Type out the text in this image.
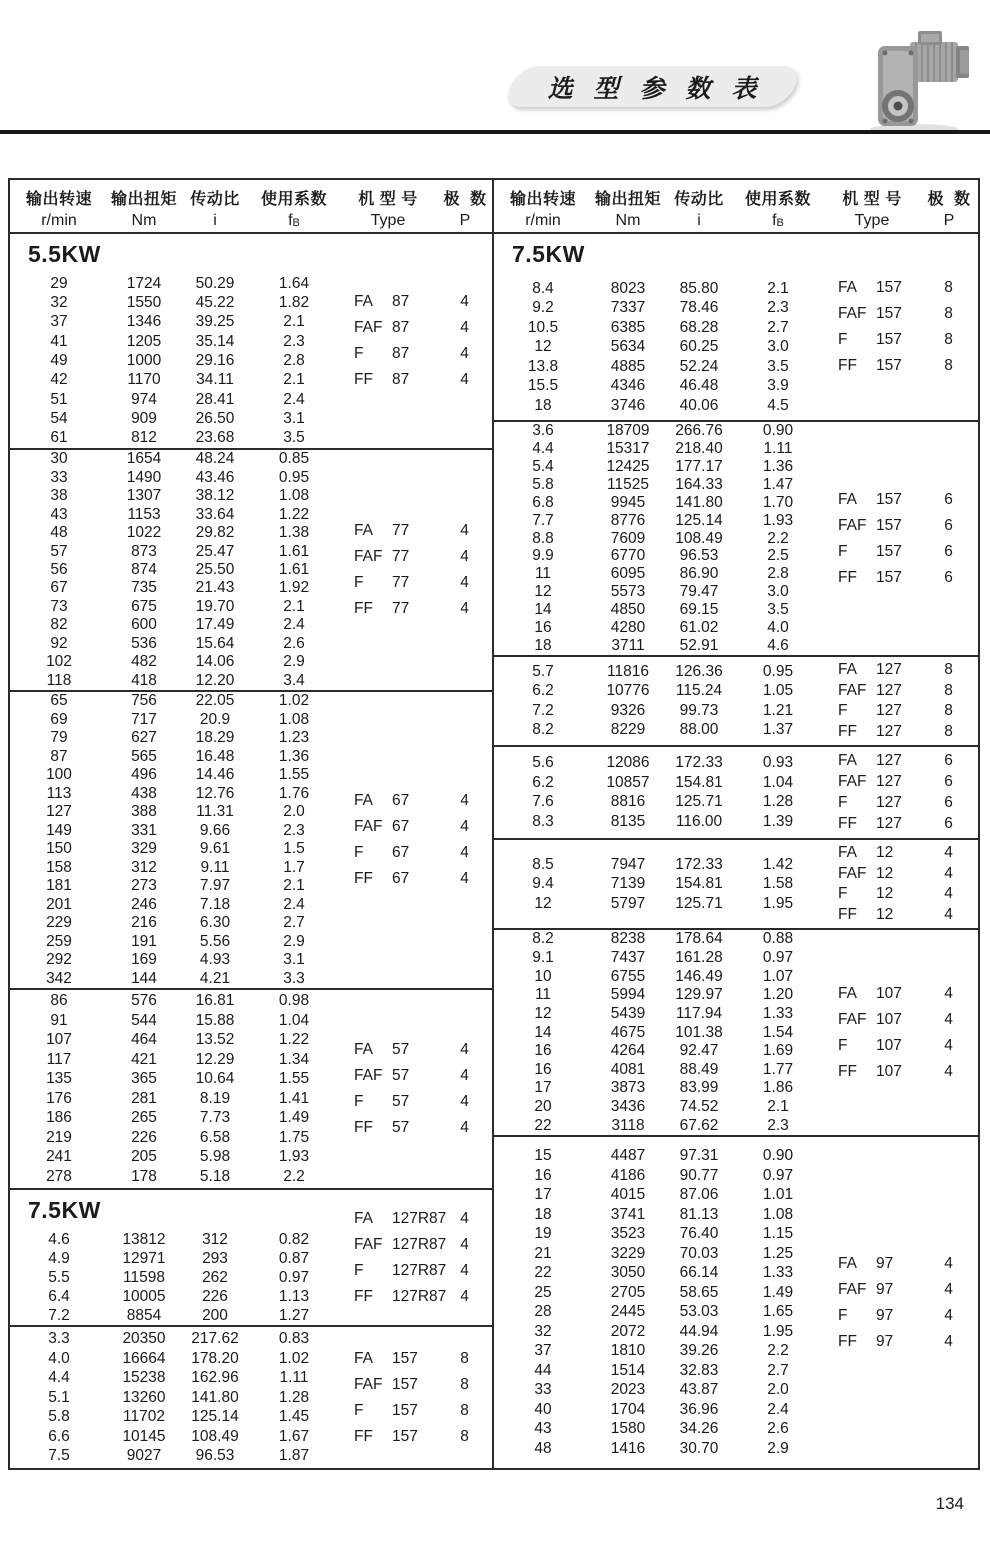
选 型 参 数 表
输出转速	输出扭矩 传动比	使用系数	机 型 号	极  数
r/min	Nm	i	f B	Type	P
5.5KW
29	1724	50.29	1.64
32	1550	45.22	1.82
37	1346	39.25	2.1
41	1205	35.14	2.3
49	1000	29.16	2.8
42	1170	34.11	2.1
51	974	28.41	2.4
54	909	26.50	3.1
61	812	23.68	3.5
FA	87	4
FAF 87	4
F	87	4
FF	87	4
30	1654	48.24	0.85
33	1490	43.46	0.95
38	1307	38.12	1.08
43	1153	33.64	1.22
48	1022	29.82	1.38
57	873	25.47	1.61
56	874	25.50	1.61
67	735	21.43	1.92
73	675	19.70	2.1
82	600	17.49	2.4
92	536	15.64	2.6
102	482	14.06	2.9
118	418	12.20	3.4
FA	77	4
FAF 77	4
F	77	4
FF	77	4
65	756	22.05	1.02
69	717	20.9	1.08
79	627	18.29	1.23
87	565	16.48	1.36
100	496	14.46	1.55
113	438	12.76	1.76
127	388	11.31	2.0
149	331	9.66	2.3
150	329	9.61	1.5
158	312	9.11	1.7
181	273	7.97	2.1
201	246	7.18	2.4
229	216	6.30	2.7
259	191	5.56	2.9
292	169	4.93	3.1
342	144	4.21	3.3
FA	67	4
FAF 67	4
F	67	4
FF	67	4
86	576	16.81	0.98
91	544	15.88	1.04
107	464	13.52	1.22
117	421	12.29	1.34
135	365	10.64	1.55
176	281	8.19	1.41
186	265	7.73	1.49
219	226	6.58	1.75
241	205	5.98	1.93
278	178	5.18	2.2
FA	57	4
FAF 57	4
F	57	4
FF	57	4
7.5KW
4.6	13812	312	0.82
4.9	12971	293	0.87
5.5	11598	262	0.97
6.4	10005	226	1.13
7.2	8854	200	1.27
FA	127R87 4
FAF 127R87 4
F	127R87 4
FF	127R87 4
3.3	20350	217.62	0.83
4.0	16664	178.20	1.02
4.4	15238	162.96	1.11
5.1	13260	141.80	1.28
5.8	11702	125.14	1.45
6.6	10145	108.49	1.67
7.5	9027	96.53	1.87
FA	157	8
FAF 157	8
F	157	8
FF	157	8
输出转速	输出扭矩 传动比	使用系数	机 型 号	极  数
r/min	Nm	i	f B	Type	P
7.5KW
8.4	8023	85.80	2.1
9.2	7337	78.46	2.3
10.5	6385	68.28	2.7
12	5634	60.25	3.0
13.8	4885	52.24	3.5
15.5	4346	46.48	3.9
18	3746	40.06	4.5
FA	157	8
FAF 157	8
F	157	8
FF	157	8
3.6	18709	266.76	0.90
4.4	15317	218.40	1.11
5.4	12425	177.17	1.36
5.8	11525	164.33	1.47
6.8	9945	141.80	1.70
7.7	8776	125.14	1.93
8.8	7609	108.49	2.2
9.9	6770	96.53	2.5
11	6095	86.90	2.8
12	5573	79.47	3.0
14	4850	69.15	3.5
16	4280	61.02	4.0
18	3711	52.91	4.6
FA	157	6
FAF 157	6
F	157	6
FF	157	6
5.7	11816	126.36	0.95
6.2	10776	115.24	1.05
7.2	9326	99.73	1.21
8.2	8229	88.00	1.37
FA	127	8
FAF 127	8
F	127	8
FF	127	8
5.6	12086	172.33	0.93
6.2	10857	154.81	1.04
7.6	8816	125.71	1.28
8.3	8135	116.00	1.39
FA	127	6
FAF 127	6
F	127	6
FF	127	6
8.5	7947	172.33	1.42
9.4	7139	154.81	1.58
12	5797	125.71	1.95
FA	12	4
FAF 12	4
F	12	4
FF	12	4
8.2	8238	178.64	0.88
9.1	7437	161.28	0.97
10	6755	146.49	1.07
11	5994	129.97	1.20
12	5439	117.94	1.33
14	4675	101.38	1.54
16	4264	92.47	1.69
16	4081	88.49	1.77
17	3873	83.99	1.86
20	3436	74.52	2.1
22	3118	67.62	2.3
FA	107	4
FAF 107	4
F	107	4
FF	107	4
15	4487	97.31	0.90
16	4186	90.77	0.97
17	4015	87.06	1.01
18	3741	81.13	1.08
19	3523	76.40	1.15
21	3229	70.03	1.25
22	3050	66.14	1.33
25	2705	58.65	1.49
28	2445	53.03	1.65
32	2072	44.94	1.95
37	1810	39.26	2.2
44	1514	32.83	2.7
33	2023	43.87	2.0
40	1704	36.96	2.4
43	1580	34.26	2.6
48	1416	30.70	2.9
FA	97	4
FAF 97	4
F	97	4
FF	97	4
134
